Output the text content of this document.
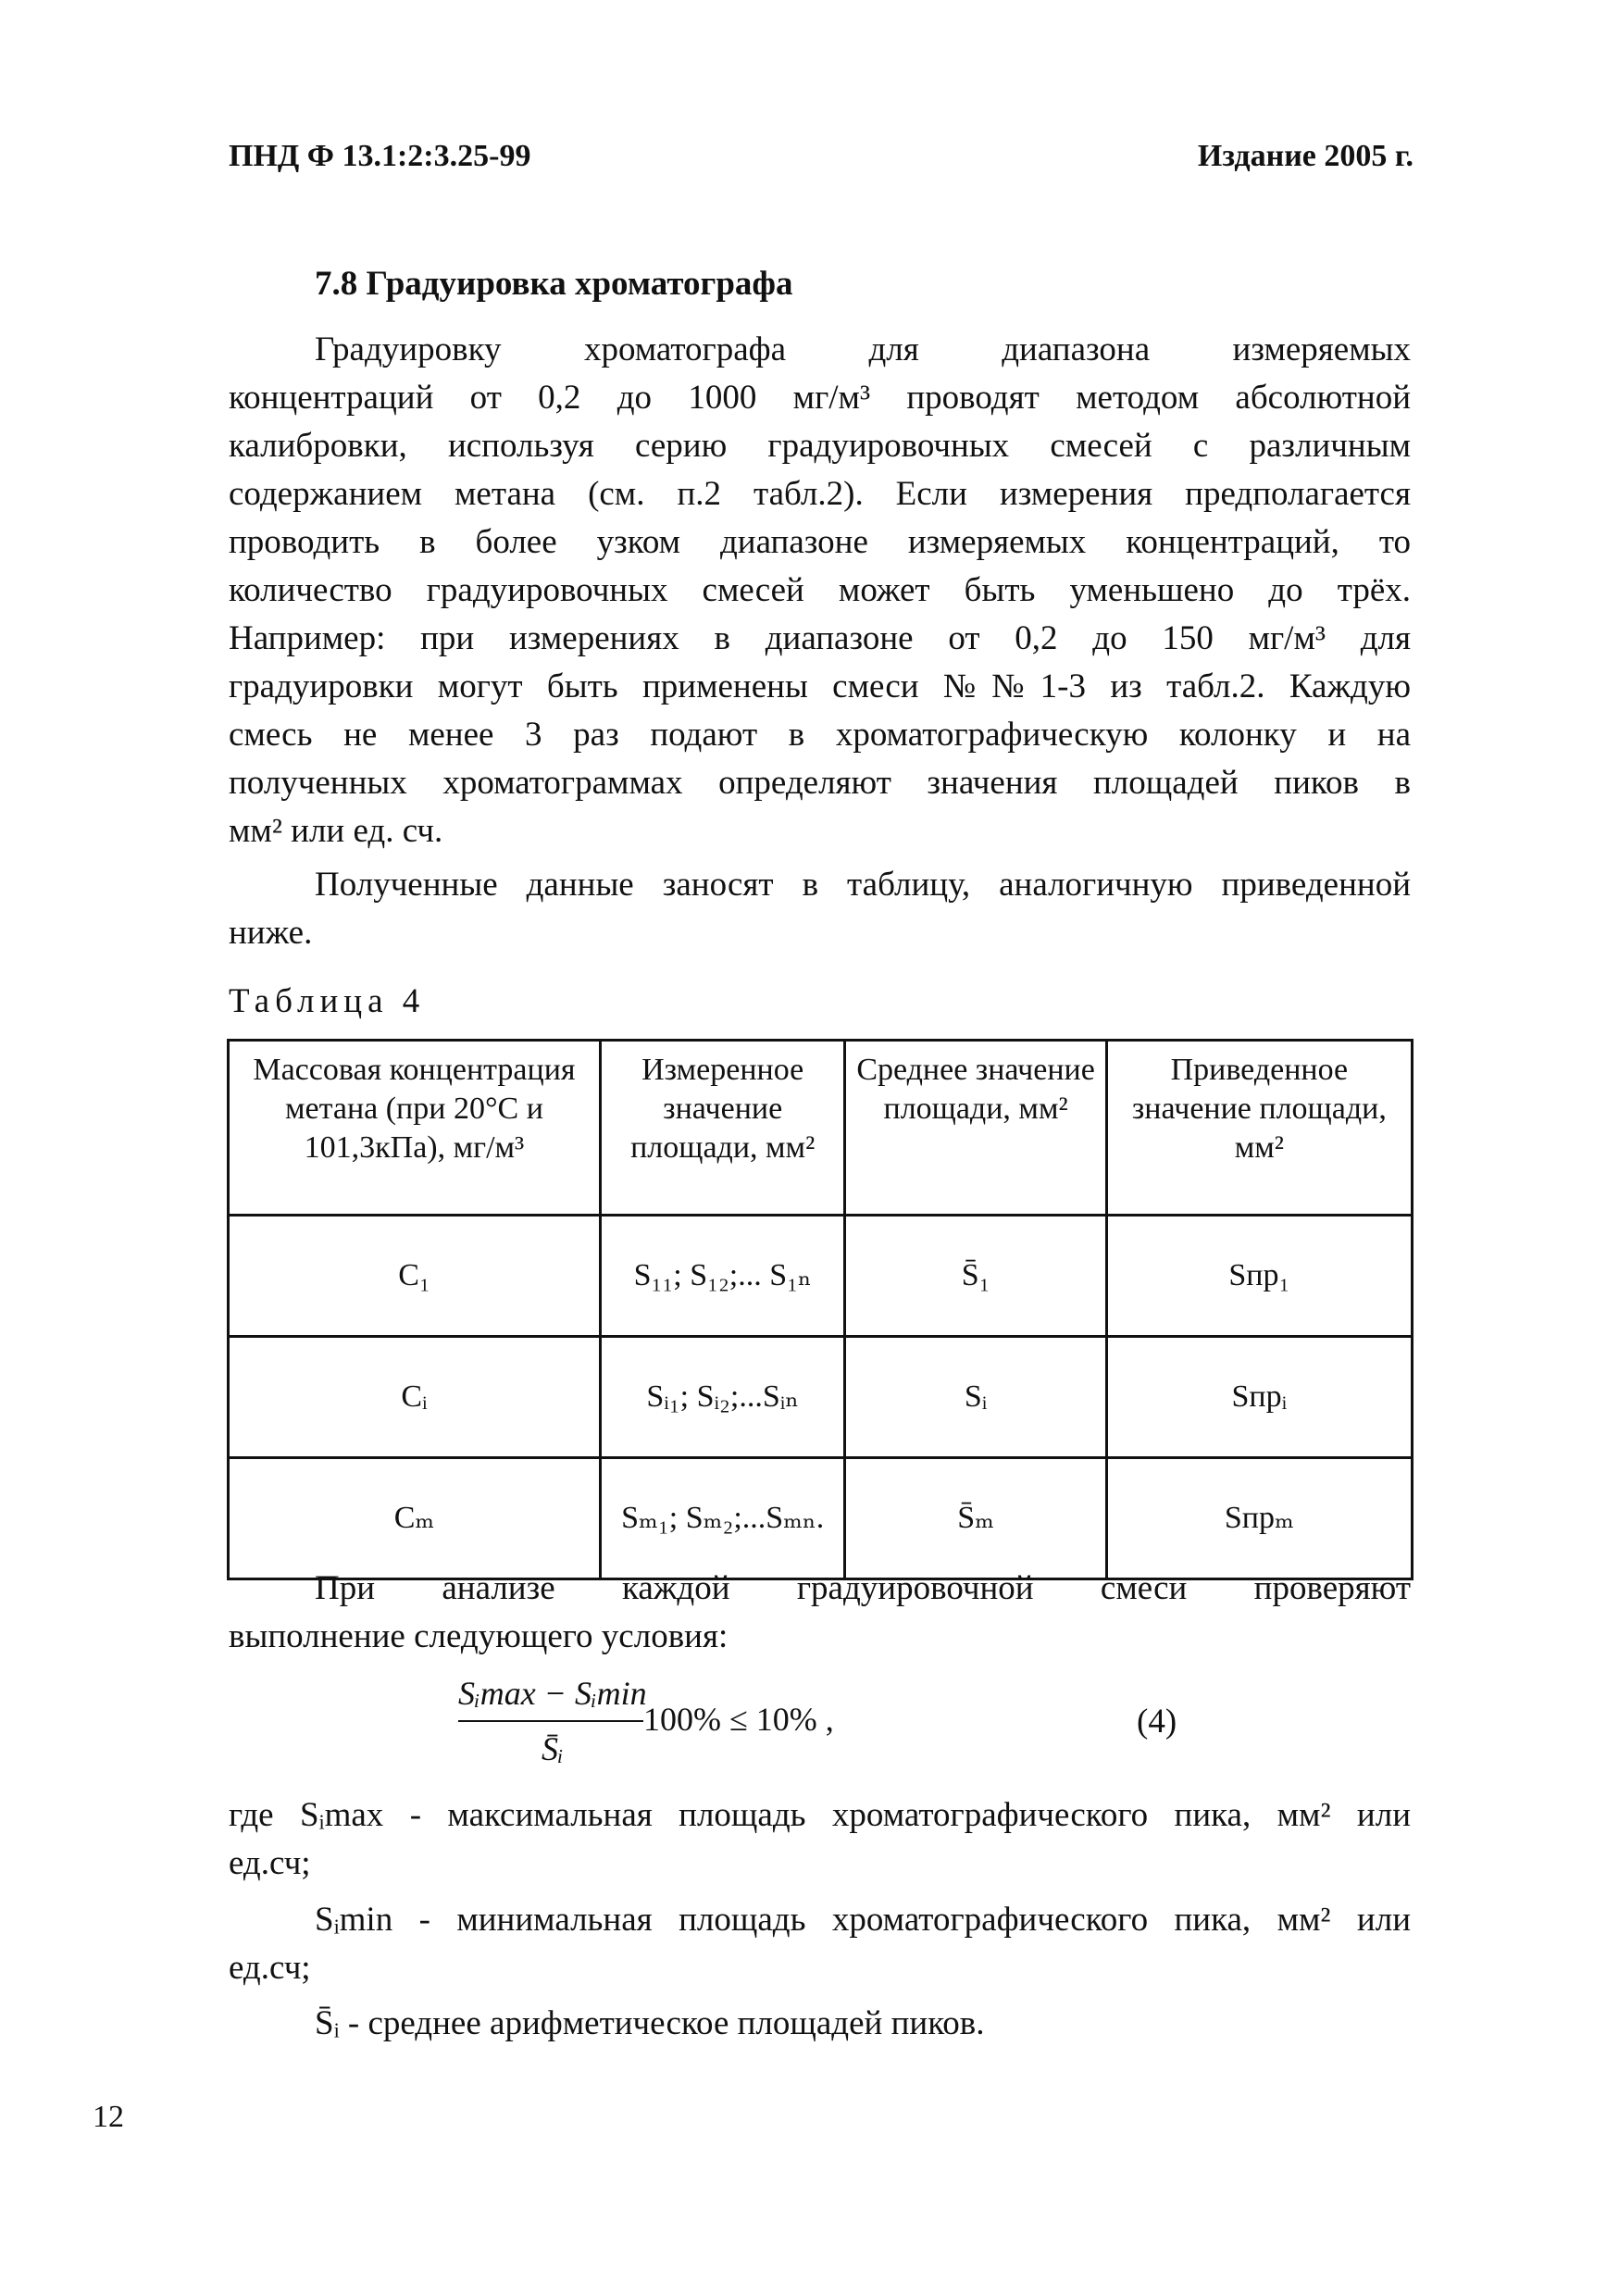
ПНД Ф 13.1:2:3.25-99	Издание 2005 г.
7.8 Градуировка хроматографа
Градуировку хроматографа для диапазона измеряемых
концентраций от 0,2 до 1000 мг/м³ проводят методом абсолютной
калибровки, используя серию градуировочных смесей с различным
содержанием метана (см. п.2 табл.2). Если измерения предполагается
проводить в более узком диапазоне измеряемых концентраций, то
количество градуировочных смесей может быть уменьшено до трёх.
Например: при измерениях в диапазоне от 0,2 до 150 мг/м³ для
градуировки могут быть применены смеси №№1-3 из табл.2. Каждую
смесь не менее 3 раз подают в хроматографическую колонку и на
полученных хроматограммах определяют значения площадей пиков в
мм² или ед. сч.
Полученные данные заносят в таблицу, аналогичную приведенной
ниже.
Таблица 4
Массовая концентрация метана (при 20°С и 101,3кПа), мг/м³	Измеренное значение площади, мм²	Среднее значение площади, мм²	Приведенное значение площади, мм²
C₁	S₁₁; S₁₂;... S₁ₙ	S̄₁	Sпр₁
Cᵢ	Sᵢ₁; Sᵢ₂;...Sᵢₙ	Sᵢ	Sпрᵢ
Cₘ	Sₘ₁; Sₘ₂;...Sₘₙ.	S̄ₘ	Sпрₘ
При анализе каждой градуировочной смеси проверяют
выполнение следующего условия:
Sᵢmax − Sᵢmin
S̄ᵢ
100% ≤ 10% ,	(4)
где Sᵢmax - максимальная площадь хроматографического пика, мм² или
ед.сч;
Sᵢmin - минимальная площадь хроматографического пика, мм² или
ед.сч;
S̄ᵢ - среднее арифметическое площадей пиков.
12
